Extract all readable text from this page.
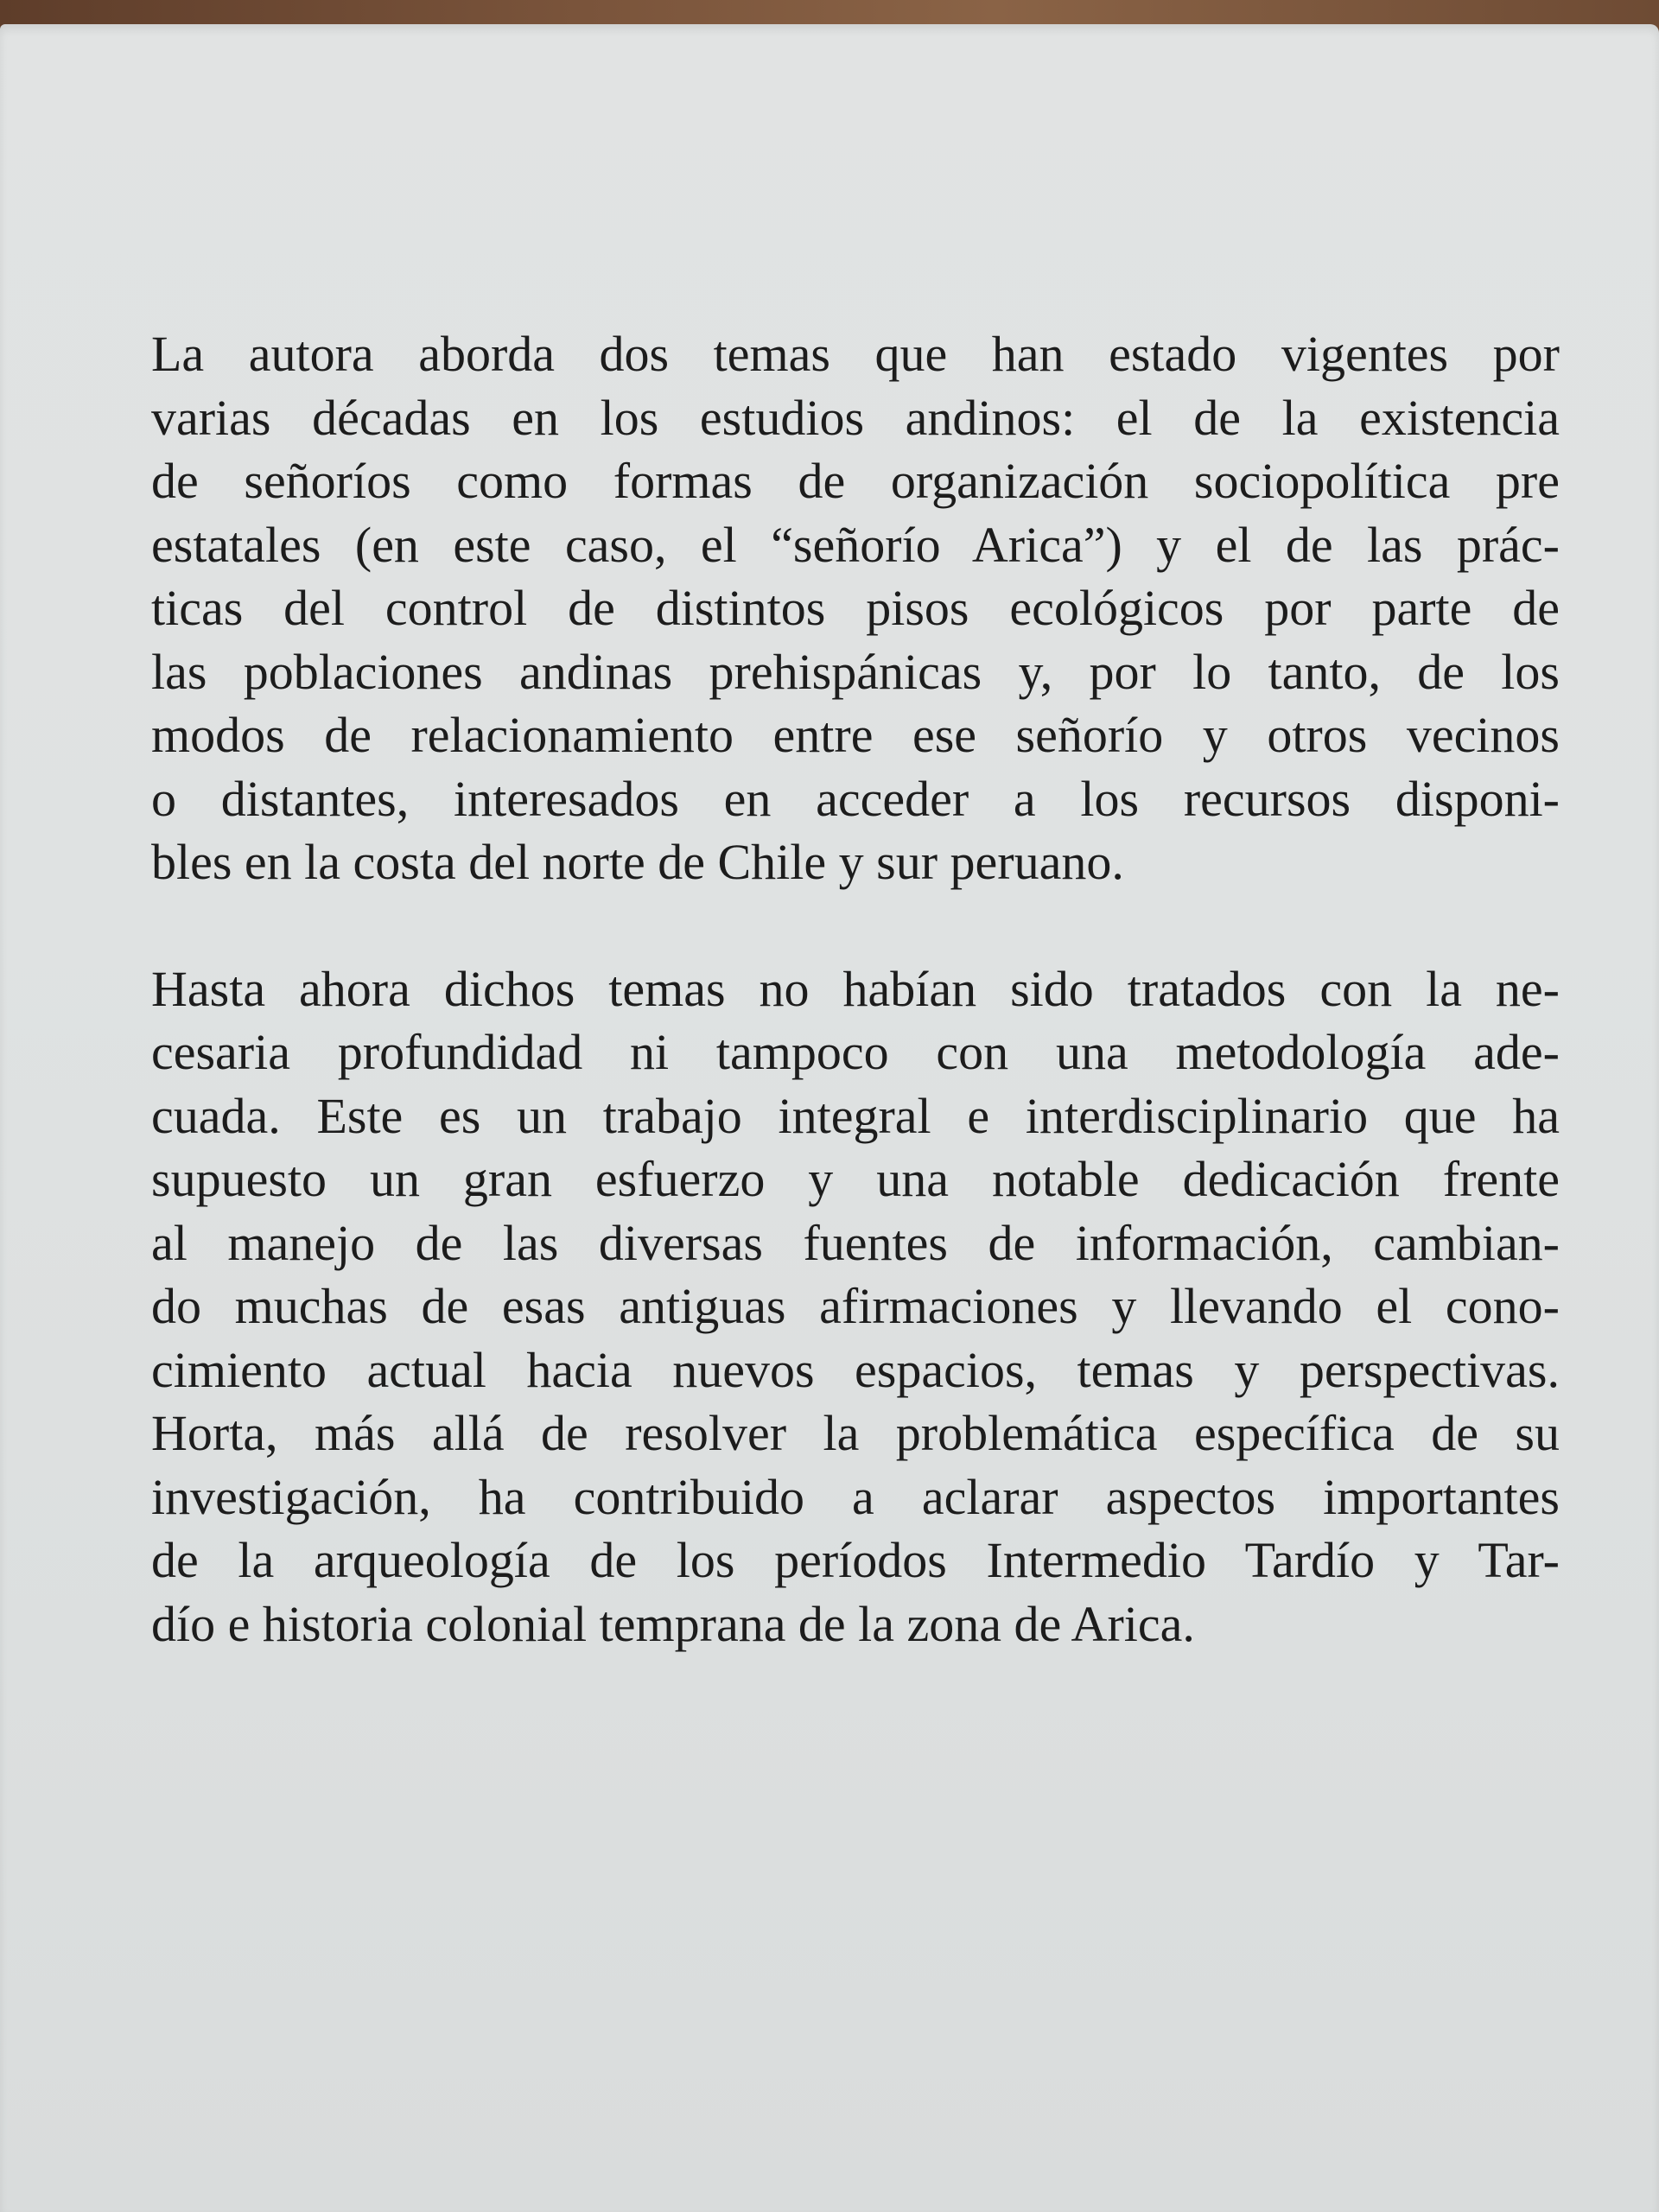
La autora aborda dos temas que han estado vigentes por
varias décadas en los estudios andinos: el de la existencia
de señoríos como formas de organización sociopolítica pre
estatales (en este caso, el “señorío Arica”) y el de las prác-
ticas del control de distintos pisos ecológicos por parte de
las poblaciones andinas prehispánicas y, por lo tanto, de los
modos de relacionamiento entre ese señorío y otros vecinos
o distantes, interesados en acceder a los recursos disponi-
bles en la costa del norte de Chile y sur peruano.
Hasta ahora dichos temas no habían sido tratados con la ne-
cesaria profundidad ni tampoco con una metodología ade-
cuada. Este es un trabajo integral e interdisciplinario que ha
supuesto un gran esfuerzo y una notable dedicación frente
al manejo de las diversas fuentes de información, cambian-
do muchas de esas antiguas afirmaciones y llevando el cono-
cimiento actual hacia nuevos espacios, temas y perspectivas.
Horta, más allá de resolver la problemática específica de su
investigación, ha contribuido a aclarar aspectos importantes
de la arqueología de los períodos Intermedio Tardío y Tar-
dío e historia colonial temprana de la zona de Arica.
